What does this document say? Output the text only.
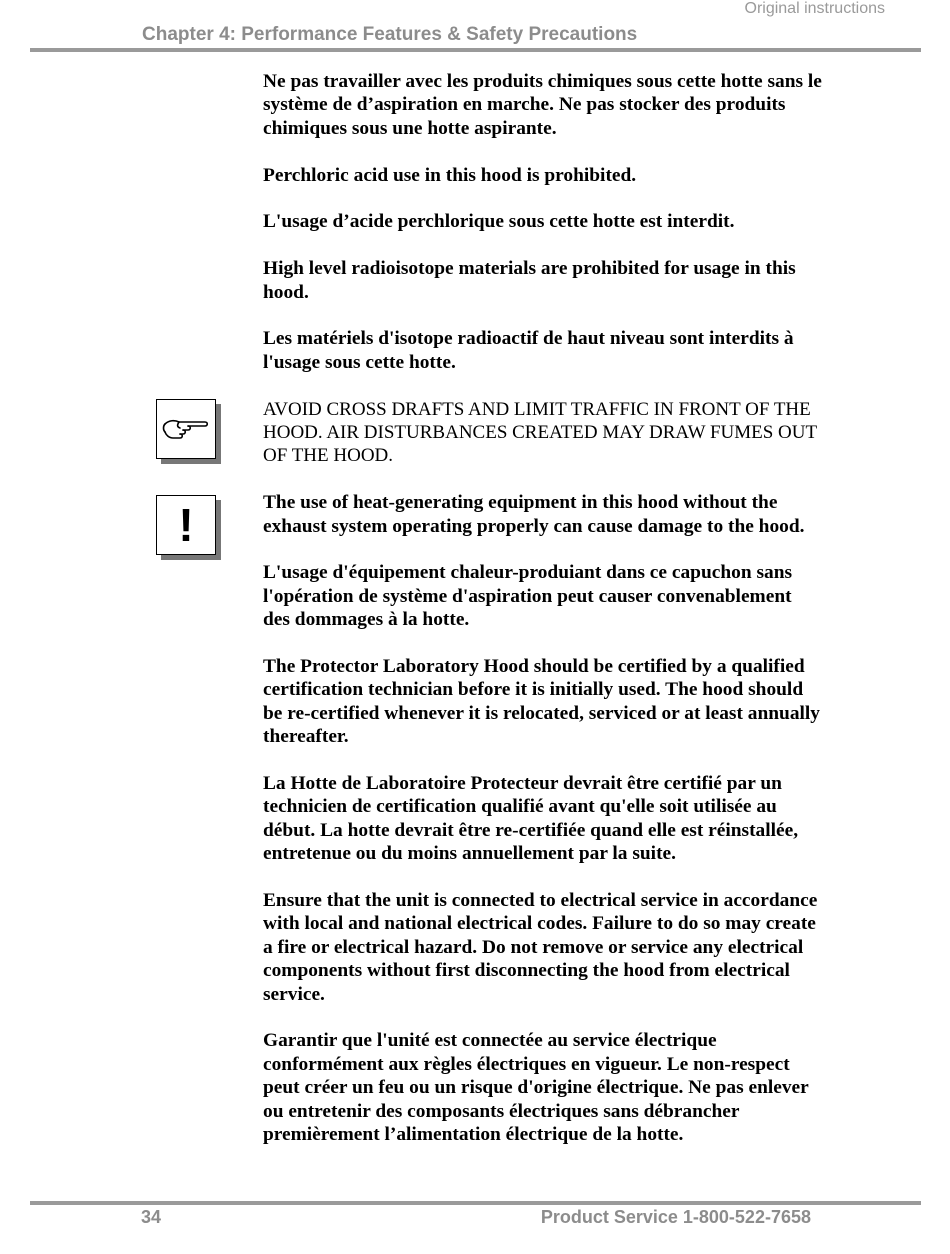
Original instructions
Chapter 4: Performance Features & Safety Precautions
!

Ne pas travailler avec les produits chimiques sous cette hotte sans le système de d’aspiration en marche. Ne pas stocker des produits chimiques sous une hotte aspirante.

Perchloric acid use in this hood is prohibited.

L'usage d’acide perchlorique sous cette hotte est interdit.

High level radioisotope materials are prohibited for usage in this hood.

Les matériels d'isotope radioactif de haut niveau sont interdits à l'usage sous cette hotte.

AVOID CROSS DRAFTS AND LIMIT TRAFFIC IN FRONT OF THE HOOD. AIR DISTURBANCES CREATED MAY DRAW FUMES OUT OF THE HOOD.

The use of heat-generating equipment in this hood without the exhaust system operating properly can cause damage to the hood.

L'usage d'équipement chaleur-produiant dans ce capuchon sans l'opération de système d'aspiration peut causer convenablement des dommages à la hotte.

The Protector Laboratory Hood should be certified by a qualified certification technician before it is initially used. The hood should be re-certified whenever it is relocated, serviced or at least annually thereafter.

La Hotte de Laboratoire Protecteur devrait être certifié par un technicien de certification qualifié avant qu'elle soit utilisée au début. La hotte devrait être re-certifiée quand elle est réinstallée, entretenue ou du moins annuellement par la suite.

Ensure that the unit is connected to electrical service in accordance with local and national electrical codes. Failure to do so may create a fire or electrical hazard. Do not remove or service any electrical components without first disconnecting the hood from electrical service.

Garantir que l'unité est connectée au service électrique conformément aux règles électriques en vigueur. Le non-respect peut créer un feu ou un risque d'origine électrique. Ne pas enlever ou entretenir des composants électriques sans débrancher premièrement l’alimentation électrique de la hotte.

34	Product Service 1-800-522-7658
